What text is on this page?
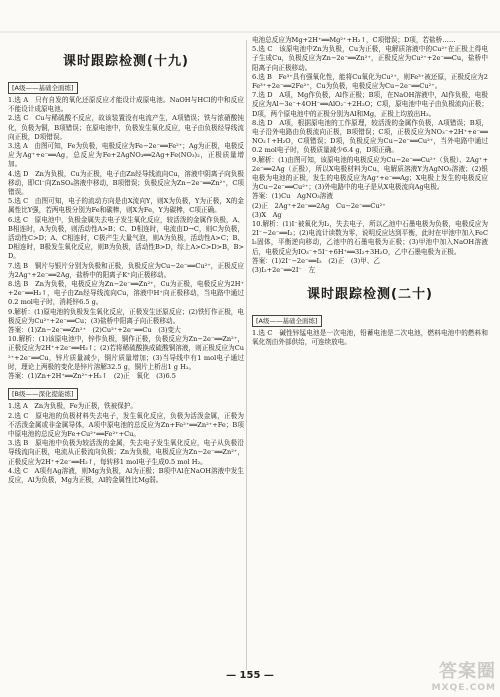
课时跟踪检测(十九)
[A级——基础全面练]

1.选 A　只有自发的氧化还原反应才能设计成原电池。NaOH与HCl的中和反应不能设计成原电池。

2.选 C　Cu与稀硫酸不反应，故该装置没有电流产生，A项错误；铁与浓硝酸钝化，负极为铜，B项错误；在原电池中，负极发生氧化反应，电子由负极经导线流向正极，D项错误。

3.选 A　由图可知，Fe为负极，电极反应为Fe−2e⁻══Fe²⁺；Ag为正极，电极反应为Ag⁺+e⁻══Ag，总反应为Fe+2AgNO₃══2Ag+Fe(NO₃)₂，正极质量增加。

4.选 D　Zn为负极，Cu为正极，电子由Zn经导线流向Cu，溶液中阴离子向负极移动，即Cl⁻向ZnSO₄溶液中移动，B项错误；负极反应为Zn−2e⁻══Zn²⁺，C项错误。

5.选 C　由图可知，电子的流动方向是由X流向Y，则X为负极，Y为正极，X的金属性比Y强，若两电极分别为Fe和碳棒，则X为Fe，Y为碳棒，C项正确。

6.选 C　原电池中，负极金属失去电子发生氧化反应，较活泼的金属作负极，A、B相连时，A为负极，则活动性A>B；C、D相连时，电流由D→C，则C为负极，活动性C>D；A、C相连时，C极产生大量气泡，则A为负极，活动性A>C；B、D相连时，B极发生氧化反应，则B为负极，活动性B>D，综上A>C>D>B，B>D。

7.选 B　铜片与银片分别为负极和正极，负极反应为Cu−2e⁻══Cu²⁺，正极反应为2Ag⁺+2e⁻══2Ag，盐桥中的阳离子K⁺向正极移动。

8.选 B　Zn为负极，电极反应为Zn−2e⁻══Zn²⁺，Cu为正极，电极反应为2H⁺+2e⁻══H₂↑，电子由Zn经导线流向Cu，溶液中H⁺向正极移动，当电路中通过0.2 mol电子时，消耗锌6.5 g。

9.解析：(1)原电池的负极发生氧化反应，正极发生还原反应；(2)铁钉作正极，电极反应为Cu²⁺+2e⁻══Cu；(3)盐桥中阳离子向正极移动。

答案：(1)Zn−2e⁻══Zn²⁺　(2)Cu²⁺+2e⁻══Cu　(3)变大

10.解析：(1)该原电池中，锌作负极，铜作正极，负极反应为Zn−2e⁻══Zn²⁺，正极反应为2H⁺+2e⁻══H₂↑；(2)若将稀硫酸换成硫酸铜溶液，则正极反应为Cu²⁺+2e⁻══Cu，锌片质量减少，铜片质量增加；(3)当导线中有1 mol电子通过时，理论上两极的变化是锌片溶解32.5 g，铜片上析出1 g H₂。

答案：(1)Zn+2H⁺══Zn²⁺+H₂↑　(2)正　氧化　(3)6.5
[B级——深化提能练]

1.选 A　Zn为负极，Fe为正极，铁被保护。

2.选 C　原电池的负极材料失去电子，发生氧化反应，负极为活泼金属，正极为不活泼金属或非金属导体，A项中原电池的总反应为Zn+Fe²⁺══Zn²⁺+Fe；B项中原电池的总反应为Fe+Cu²⁺══Fe²⁺+Cu。

3.选 B　原电池中负极为较活泼的金属，失去电子发生氧化反应，电子从负极沿导线流向正极，电流从正极流向负极；Zn为负极，电极反应为Zn−2e⁻══Zn²⁺，正极反应为2H⁺+2e⁻══H₂↑，每转移1 mol电子生成0.5 mol H₂。

4.选 C　A项有Ag溶液，则Mg为负极，Al为正极；B项中Al在NaOH溶液中发生反应，Al为负极，Mg为正极，Al的金属性比Mg弱。

电池总反应为Mg+2H⁺══Mg²⁺+H₂↑，C项错误；D项，若盐桥……

5.选 C　该原电池中Zn为负极，Cu为正极，电解质溶液中的Cu²⁺在正极上得电子生成Cu，负极反应为Zn−2e⁻══Zn²⁺，正极反应为Cu²⁺+2e⁻══Cu，盐桥中阳离子向正极移动。

6.选 B　Fe³⁺具有强氧化性，能将Cu氧化为Cu²⁺，则Fe³⁺被还原，正极反应为2Fe³⁺+2e⁻══2Fe²⁺，Cu为负极，电极反应为Cu−2e⁻══Cu²⁺。

7.选 D　A项，Mg作负极，Al作正极；B项，在NaOH溶液中，Al作负极，电极反应为Al−3e⁻+4OH⁻══AlO₂⁻+2H₂O；C项，原电池中电子由负极流向正极；D项，两个原电池中的正极分别为Al和Mg，正极上均放出H₂。

8.选 D　A项，根据原电池的工作原理，较活泼的金属作负极，A项错误；B项，电子沿外电路由负极流向正极，B项错误；C项，正极反应为NO₃⁻+2H⁺+e⁻══NO₂↑+H₂O，C项错误；D项，负极反应为Cu−2e⁻══Cu²⁺，当外电路中通过0.2 mol电子时，负极质量减少6.4 g，D项正确。

9.解析：(1)由图可知，该原电池的电极反应为Cu−2e⁻══Cu²⁺（负极）、2Ag⁺+2e⁻══2Ag（正极），所以X电极材料为Cu，电解质溶液Y为AgNO₃溶液；(2)银电极为电池的正极，发生的电极反应为Ag⁺+e⁻══Ag；X电极上发生的电极反应为Cu−2e⁻══Cu²⁺；(3)外电路中的电子是从X电极流向Ag电极。

答案：(1)Cu　AgNO₃溶液
(2)正　2Ag⁺+2e⁻══2Ag　Cu−2e⁻══Cu²⁺
(3)X　Ag

10.解析：(1)I⁻被氧化为I₂，失去电子，所以乙池中石墨电极为负极，电极反应为2I⁻−2e⁻══I₂；(2)电流计读数为零，说明反应达到平衡，此时在甲池中加入FeCl₂固体，平衡逆向移动，乙池中的石墨电极为正极；(3)甲池中加入NaOH溶液后，电极反应为IO₃⁻+5I⁻+6H⁺══3I₂+3H₂O，乙中石墨电极为正极。

答案：(1)2I⁻−2e⁻══I₂　(2)正　(3)甲、乙
(3)I₂+2e⁻══2I⁻　左
课时跟踪检测(二十)
[A级——基础全面练]

1.选 C　碱性锌锰电池是一次电池，铅蓄电池是二次电池，燃料电池中的燃料和氧化剂由外部供给，可连续放电。

— 155 —	答案圈
MXQE.COM
